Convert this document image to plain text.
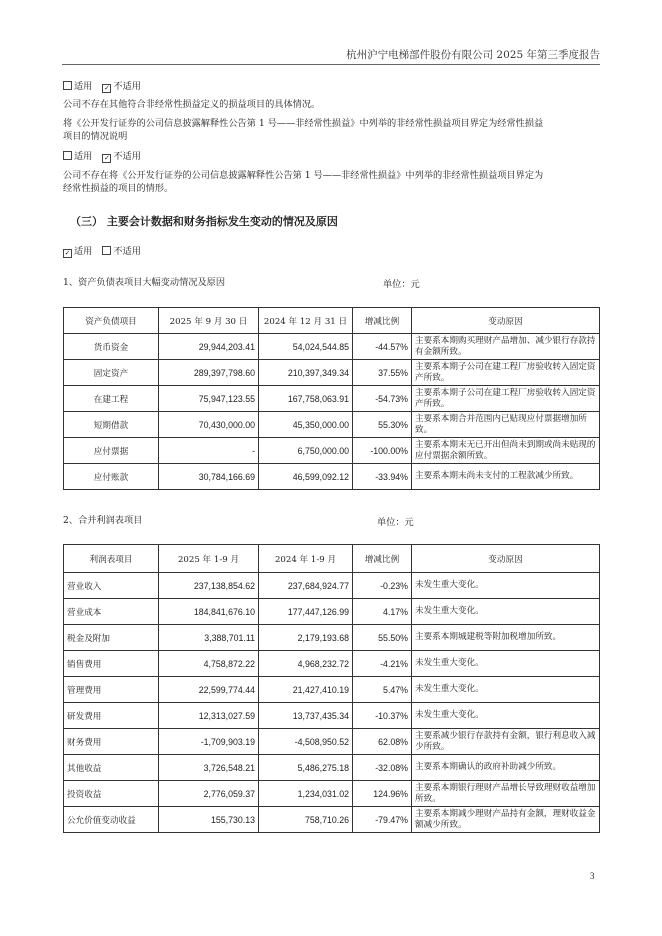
杭州沪宁电梯部件股份有限公司 2025 年第三季度报告
适用 ✓ 不适用
公司不存在其他符合非经常性损益定义的损益项目的具体情况。
将《公开发行证券的公司信息披露解释性公告第 1 号——非经常性损益》中列举的非经常性损益项目界定为经常性损益
项目的情况说明
适用 ✓ 不适用
公司不存在将《公开发行证券的公司信息披露解释性公告第 1 号——非经常性损益》中列举的非经常性损益项目界定为
经常性损益的项目的情形。
（三） 主要会计数据和财务指标发生变动的情况及原因
✓ 适用 不适用
1、资产负债表项目大幅变动情况及原因	单位：元
资产负债项目	2025 年 9 月 30 日	2024 年 12 月 31 日	增减比例	变动原因
货币资金	29,944,203.41	54,024,544.85	-44.57%	主要系本期购买理财产品增加、减少银行存款持有金额所致。
固定资产	289,397,798.60	210,397,349.34	37.55%	主要系本期子公司在建工程厂房验收转入固定资产所致。
在建工程	75,947,123.55	167,758,063.91	-54.73%	主要系本期子公司在建工程厂房验收转入固定资产所致。
短期借款	70,430,000.00	45,350,000.00	55.30%	主要系本期合并范围内已贴现应付票据增加所致。
应付票据	-	6,750,000.00	-100.00%	主要系本期末无已开出但尚未到期或尚未贴现的应付票据余额所致。
应付账款	30,784,166.69	46,599,092.12	-33.94%	主要系本期末尚未支付的工程款减少所致。
2、合并利润表项目	单位：元
利润表项目	2025 年 1-9 月	2024 年 1-9 月	增减比例	变动原因
营业收入	237,138,854.62	237,684,924.77	-0.23%	未发生重大变化。
营业成本	184,841,676.10	177,447,126.99	4.17%	未发生重大变化。
税金及附加	3,388,701.11	2,179,193.68	55.50%	主要系本期城建税等附加税增加所致。
销售费用	4,758,872.22	4,968,232.72	-4.21%	未发生重大变化。
管理费用	22,599,774.44	21,427,410.19	5.47%	未发生重大变化。
研发费用	12,313,027.59	13,737,435.34	-10.37%	未发生重大变化。
财务费用	-1,709,903.19	-4,508,950.52	62.08%	主要系减少银行存款持有金额，银行利息收入减少所致。
其他收益	3,726,548.21	5,486,275.18	-32.08%	主要系本期确认的政府补助减少所致。
投资收益	2,776,059.37	1,234,031.02	124.96%	主要系本期银行理财产品增长导致理财收益增加所致。
公允价值变动收益	155,730.13	758,710.26	-79.47%	主要系本期减少理财产品持有金额，理财收益金额减少所致。
3
